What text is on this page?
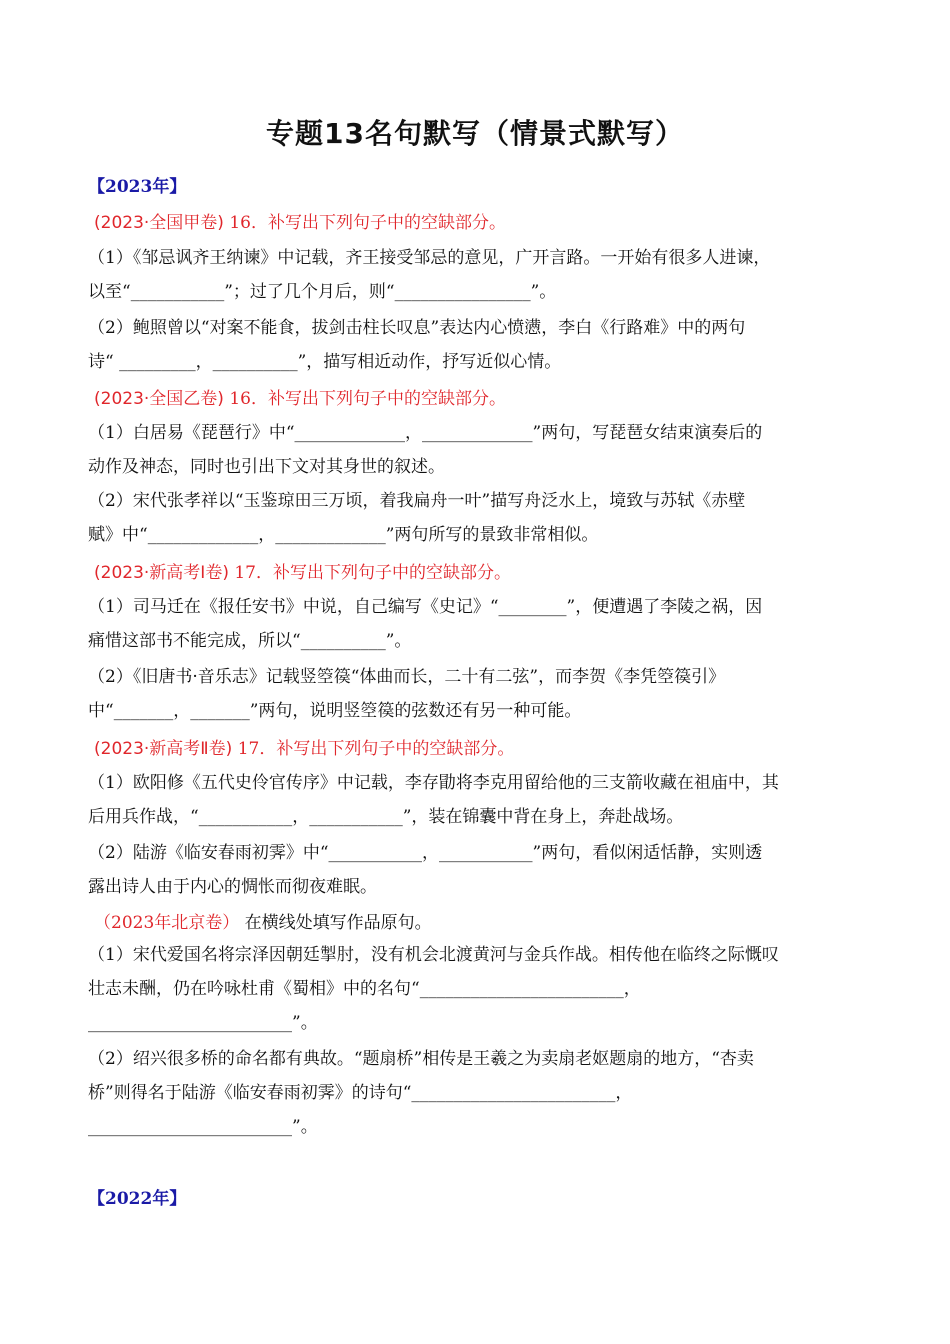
专题13名句默写（情景式默写）
【2023年】
(2023·全国甲卷) 16．补写出下列句子中的空缺部分。
（1）《邹忌讽齐王纳谏》中记载，齐王接受邹忌的意见，广开言路。一开始有很多人进谏，
以至“___________”；过了几个月后，则“________________”。
（2）鲍照曾以“对案不能食，拔剑击柱长叹息”表达内心愤懑，李白《行路难》中的两句
诗“ _________，__________”，描写相近动作，抒写近似心情。
(2023·全国乙卷) 16．补写出下列句子中的空缺部分。
（1）白居易《琵琶行》中“_____________，_____________”两句，写琵琶女结束演奏后的
动作及神态，同时也引出下文对其身世的叙述。
（2）宋代张孝祥以“玉鉴琼田三万顷，着我扁舟一叶”描写舟泛水上，境致与苏轼《赤壁
赋》中“_____________，_____________”两句所写的景致非常相似。
(2023·新高考Ⅰ卷) 17．补写出下列句子中的空缺部分。
（1）司马迁在《报任安书》中说，自己编写《史记》“________”，便遭遇了李陵之祸，因
痛惜这部书不能完成，所以“__________”。
（2）《旧唐书·音乐志》记载竖箜篌“体曲而长，二十有二弦”，而李贺《李凭箜篌引》
中“_______，_______”两句，说明竖箜篌的弦数还有另一种可能。
(2023·新高考Ⅱ卷) 17．补写出下列句子中的空缺部分。
（1）欧阳修《五代史伶官传序》中记载，李存勖将李克用留给他的三支箭收藏在祖庙中，其
后用兵作战，“___________，___________”，装在锦囊中背在身上，奔赴战场。
（2）陆游《临安春雨初霁》中“___________，___________”两句，看似闲适恬静，实则透
露出诗人由于内心的惆怅而彻夜难眠。
（2023年北京卷） 在横线处填写作品原句。
（1）宋代爱国名将宗泽因朝廷掣肘，没有机会北渡黄河与金兵作战。相传他在临终之际慨叹
壮志未酬，仍在吟咏杜甫《蜀相》中的名句“________________________，
________________________”。
（2）绍兴很多桥的命名都有典故。“题扇桥”相传是王羲之为卖扇老妪题扇的地方，“杏卖
桥”则得名于陆游《临安春雨初霁》的诗句“________________________，
________________________”。
【2022年】
